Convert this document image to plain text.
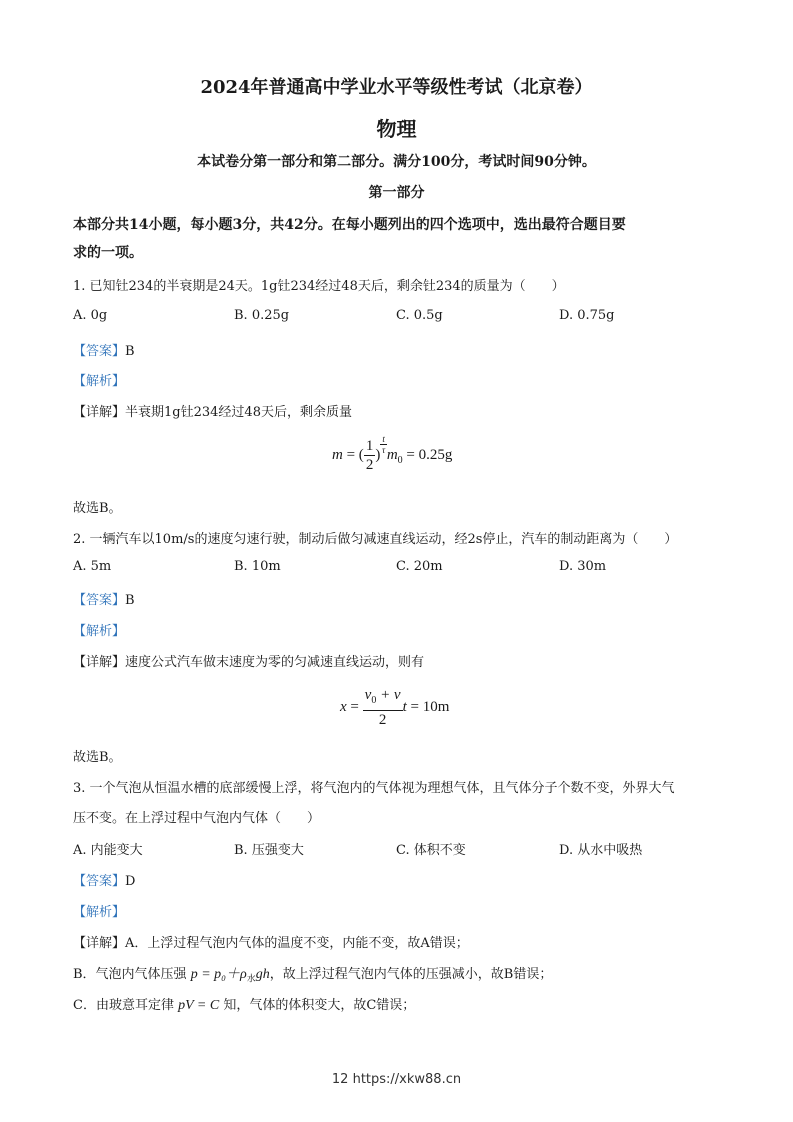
2024年普通高中学业水平等级性考试（北京卷）
物理
本试卷分第一部分和第二部分。满分100分，考试时间90分钟。
第一部分
本部分共14小题，每小题3分，共42分。在每小题列出的四个选项中，选出最符合题目要
求的一项。
1. 已知钍234的半衰期是24天。1g钍234经过48天后，剩余钍234的质量为（　　）
A. 0g	B. 0.25g	C. 0.5g	D. 0.75g
【答案】B
【解析】
【详解】半衰期1g钍234经过48天后，剩余质量
m = ( $\frac{1}{2}$ ) $^{\frac{t}{\tau}}$ $m_0 = 0.25g$
故选B。
2. 一辆汽车以10m/s的速度匀速行驶，制动后做匀减速直线运动，经2s停止，汽车的制动距离为（　　）
A. 5m	B. 10m	C. 20m	D. 30m
【答案】B
【解析】
【详解】速度公式汽车做末速度为零的匀减速直线运动，则有
$x = \frac{v_0 + v}{2}$ t = 10m
故选B。
3. 一个气泡从恒温水槽的底部缓慢上浮，将气泡内的气体视为理想气体，且气体分子个数不变，外界大气
压不变。在上浮过程中气泡内气体（　　）
A. 内能变大	B. 压强变大	C. 体积不变	D. 从水中吸热
【答案】D
【解析】
【详解】A．上浮过程气泡内气体的温度不变，内能不变，故A错误；
B．气泡内气体压强 $p = p_0+\rho_水gh$，故上浮过程气泡内气体的压强减小，故B错误；
C．由玻意耳定律 pV = C 知，气体的体积变大，故C错误；
12 https://xkw88.cn
